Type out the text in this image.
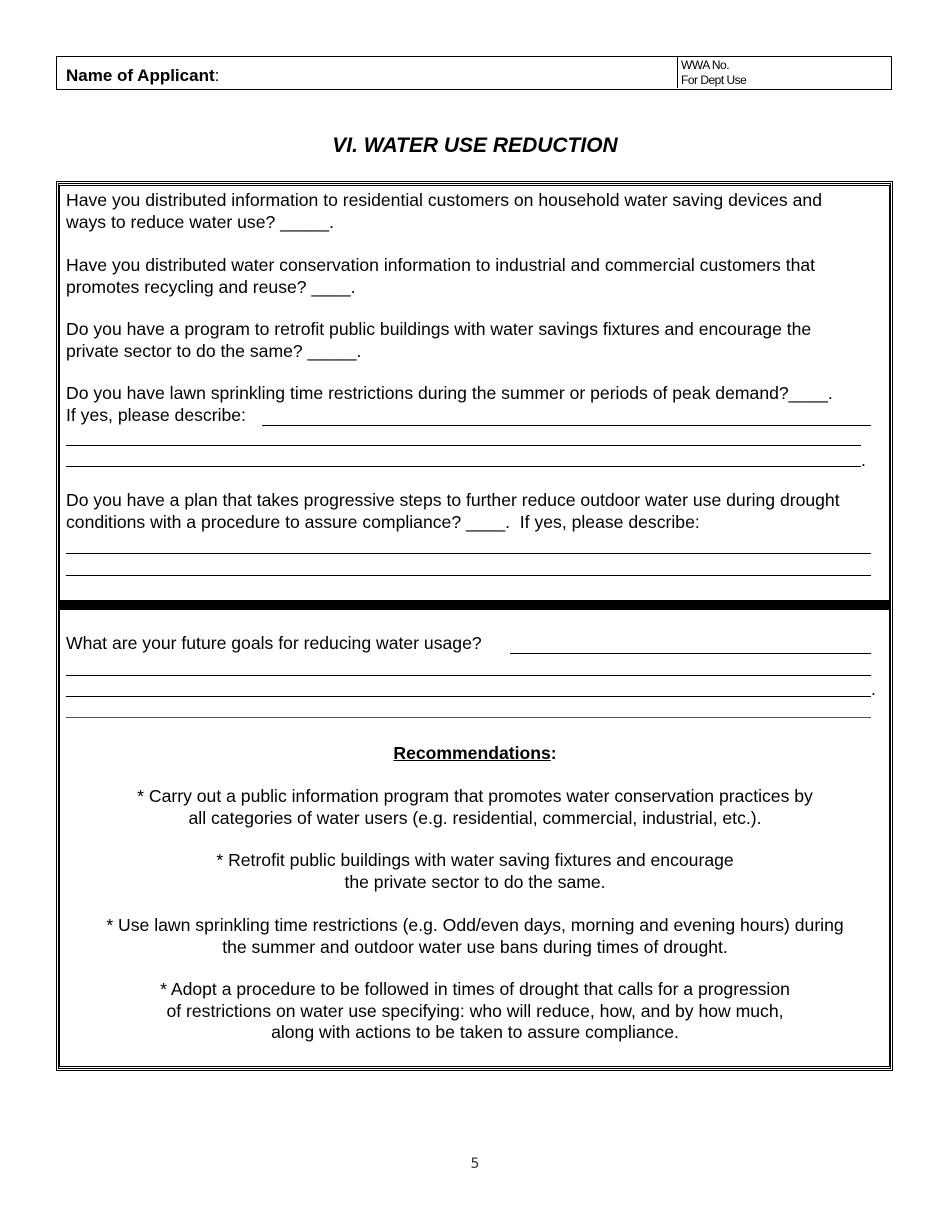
Name of Applicant:
WWA No.
For Dept Use
VI. WATER USE REDUCTION
Have you distributed information to residential customers on household water saving devices and
ways to reduce water use? _____.
Have you distributed water conservation information to industrial and commercial customers that
promotes recycling and reuse? ____.
Do you have a program to retrofit public buildings with water savings fixtures and encourage the
private sector to do the same? _____.
Do you have lawn sprinkling time restrictions during the summer or periods of peak demand?____.
If yes, please describe:
.
Do you have a plan that takes progressive steps to further reduce outdoor water use during drought
conditions with a procedure to assure compliance? ____.  If yes, please describe:
What are your future goals for reducing water usage?
.
Recommendations:
* Carry out a public information program that promotes water conservation practices by
all categories of water users (e.g. residential, commercial, industrial, etc.).
* Retrofit public buildings with water saving fixtures and encourage
the private sector to do the same.
* Use lawn sprinkling time restrictions (e.g. Odd/even days, morning and evening hours) during
the summer and outdoor water use bans during times of drought.
* Adopt a procedure to be followed in times of drought that calls for a progression
of restrictions on water use specifying: who will reduce, how, and by how much,
along with actions to be taken to assure compliance.
5
